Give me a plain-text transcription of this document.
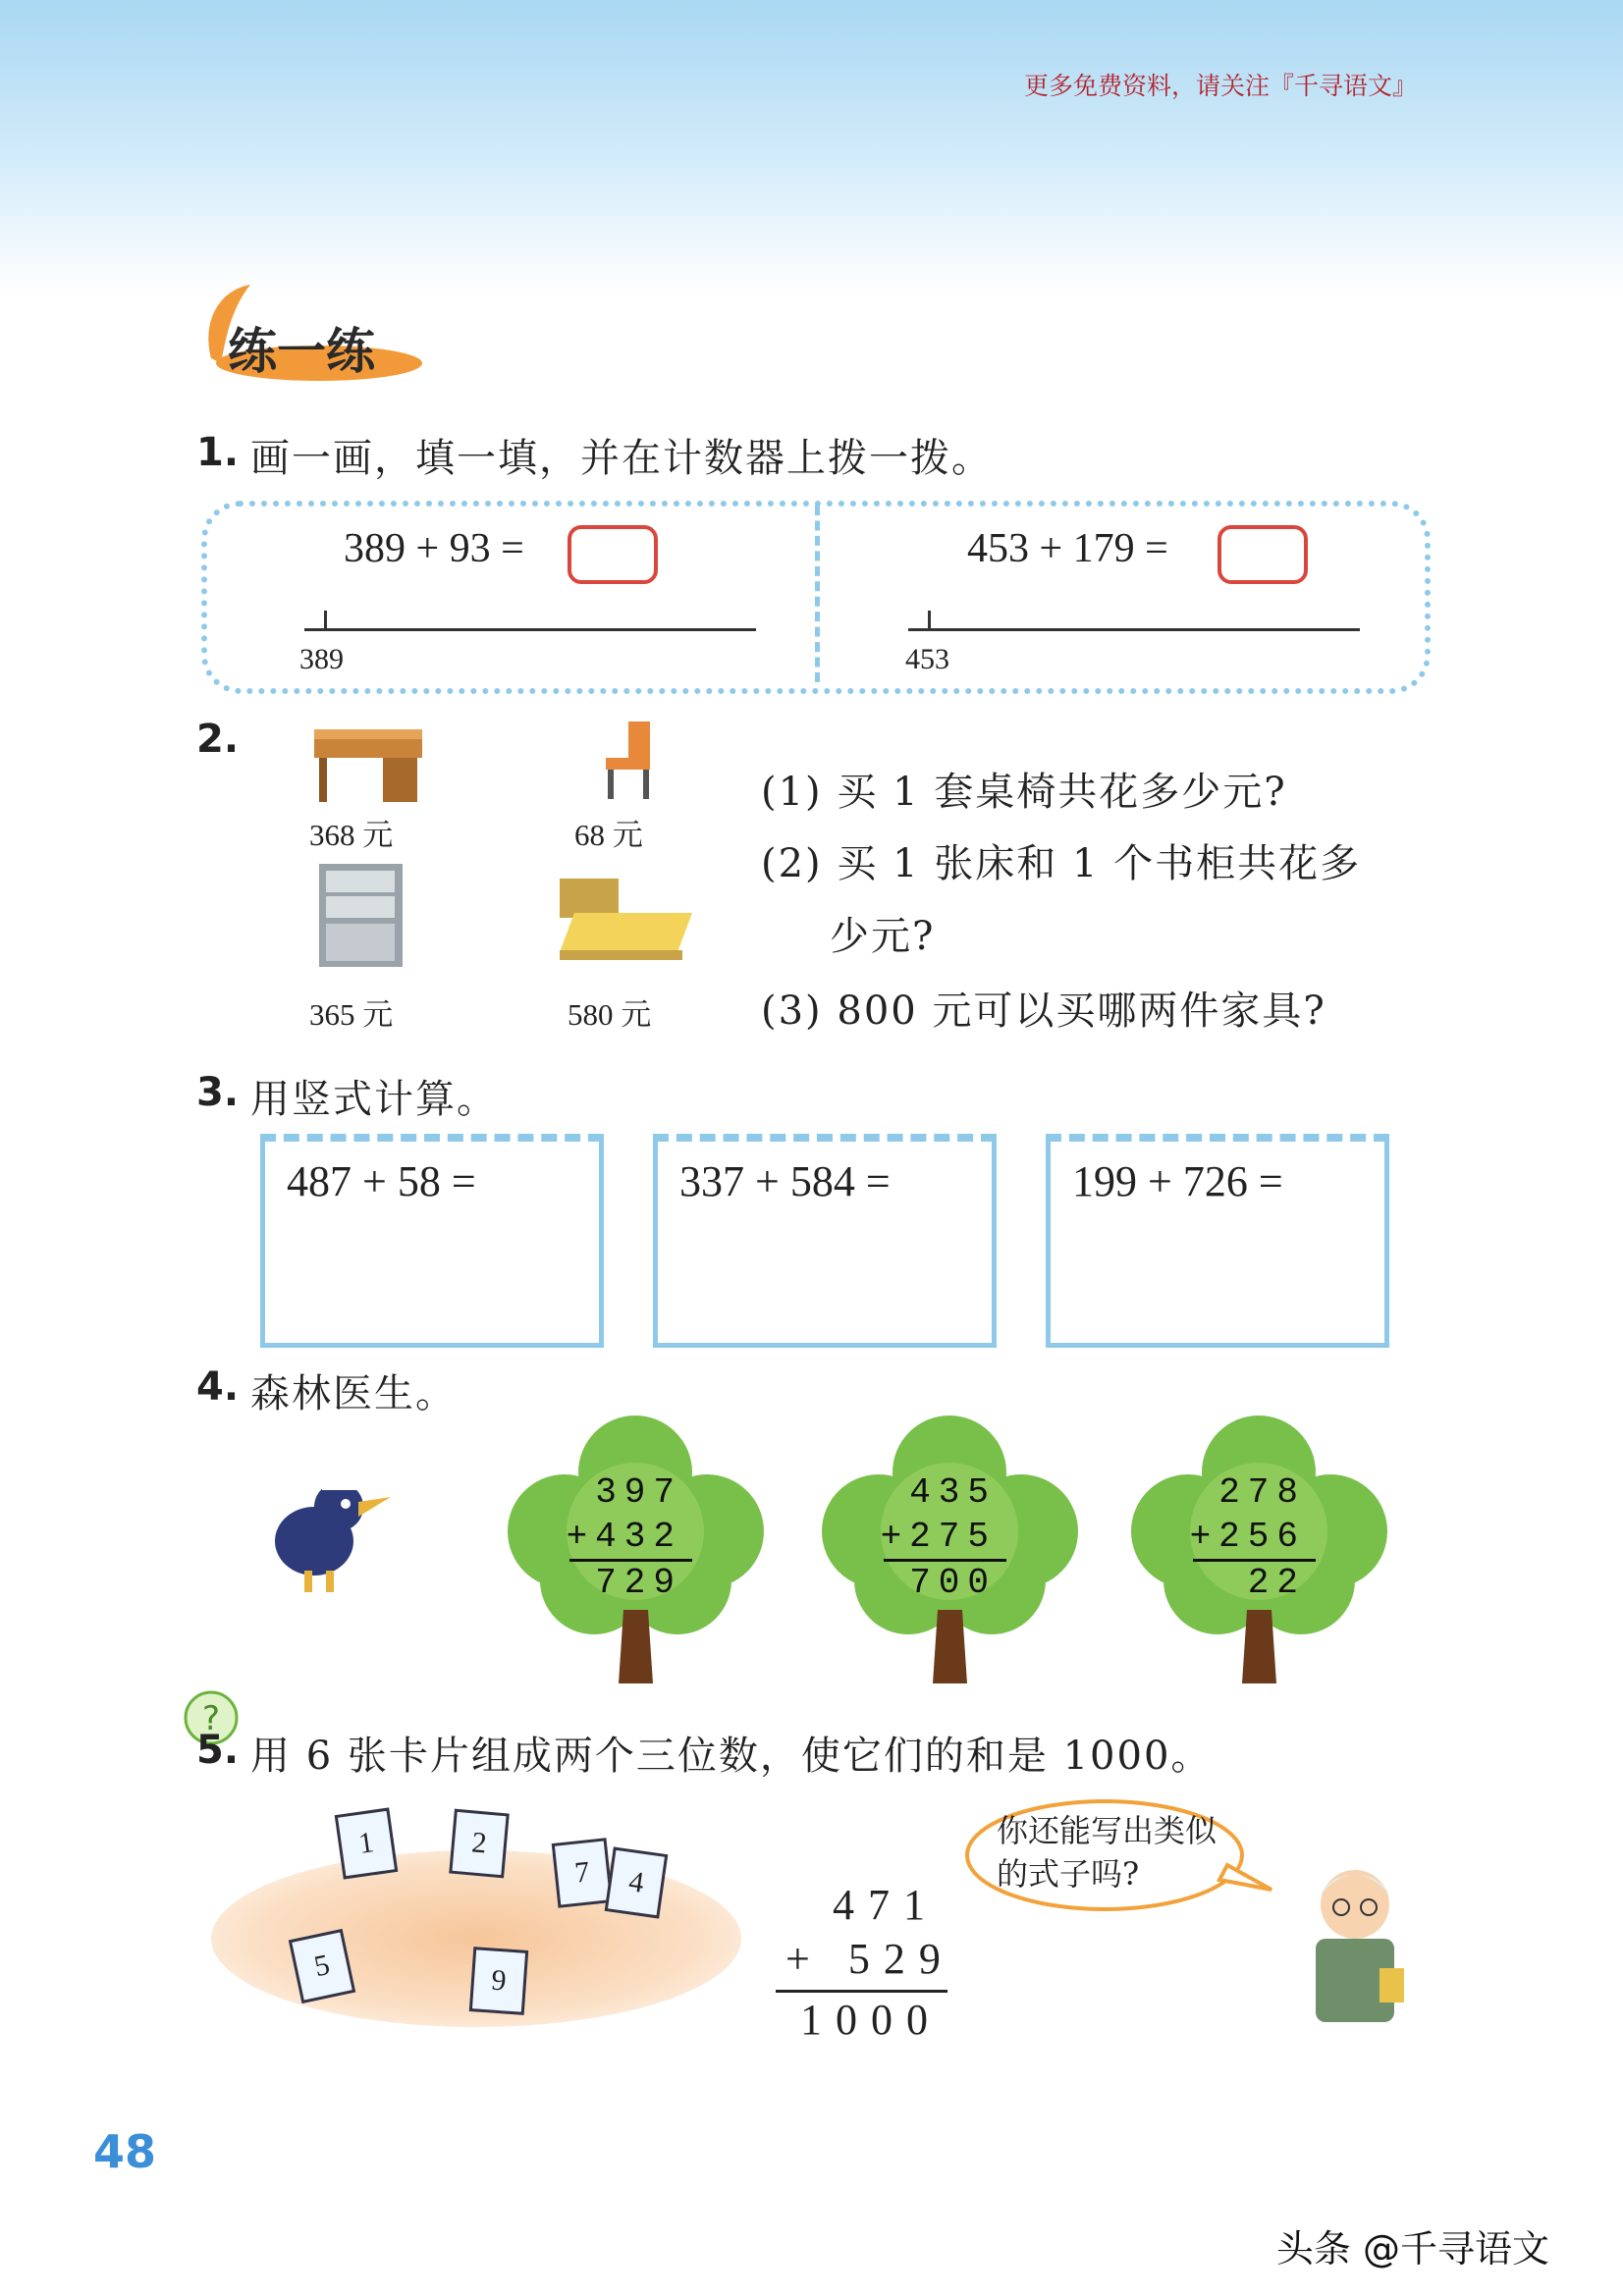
更多免费资料，请关注『千寻语文』
练一练
1. 画一画，填一填，并在计数器上拨一拨。
389 + 93 =
389
453 + 179 =
453
2.
368 元	68 元
365 元	580 元
(1) 买 1 套桌椅共花多少元?
(2) 买 1 张床和 1 个书柜共花多
少元?
(3) 800 元可以买哪两件家具?
3. 用竖式计算。
487 + 58 =	337 + 584 =	199 + 726 =
4. 森林医生。
397
+432
729
435
+275
700
278
+256
22
?
5. 用 6 张卡片组成两个三位数，使它们的和是 1000。
1	2
7	4
5	9
471
+ 529
1000
你还能写出类似
的式子吗?
48
头条 @千寻语文
